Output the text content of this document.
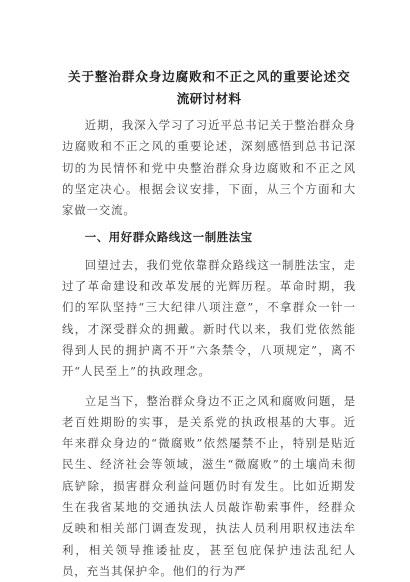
关于整治群众身边腐败和不正之风的重要论述交流研讨材料

近期，我深入学习了习近平总书记关于整治群众身边腐败和不正之风的重要论述，深刻感悟到总书记深切的为民情怀和党中央整治群众身边腐败和不正之风的坚定决心。根据会议安排，下面，从三个方面和大家做一交流。

一、用好群众路线这一制胜法宝

回望过去，我们党依靠群众路线这一制胜法宝，走过了革命建设和改革发展的光辉历程。革命时期，我们的军队坚持“三大纪律八项注意”，不拿群众一针一线，才深受群众的拥戴。新时代以来，我们党依然能得到人民的拥护离不开“六条禁令，八项规定”，离不开“人民至上”的执政理念。

立足当下，整治群众身边不正之风和腐败问题，是老百姓期盼的实事，是关系党的执政根基的大事。近年来群众身边的“微腐败”依然屡禁不止，特别是贴近民生、经济社会等领域，滋生“微腐败”的土壤尚未彻底铲除，损害群众利益问题仍时有发生。比如近期发生在我省某地的交通执法人员敲诈勒索事件，经群众反映和相关部门调查发现，执法人员利用职权违法牟利，相关领导推诿扯皮，甚至包庇保护违法乱纪人员，充当其保护伞。他们的行为严
